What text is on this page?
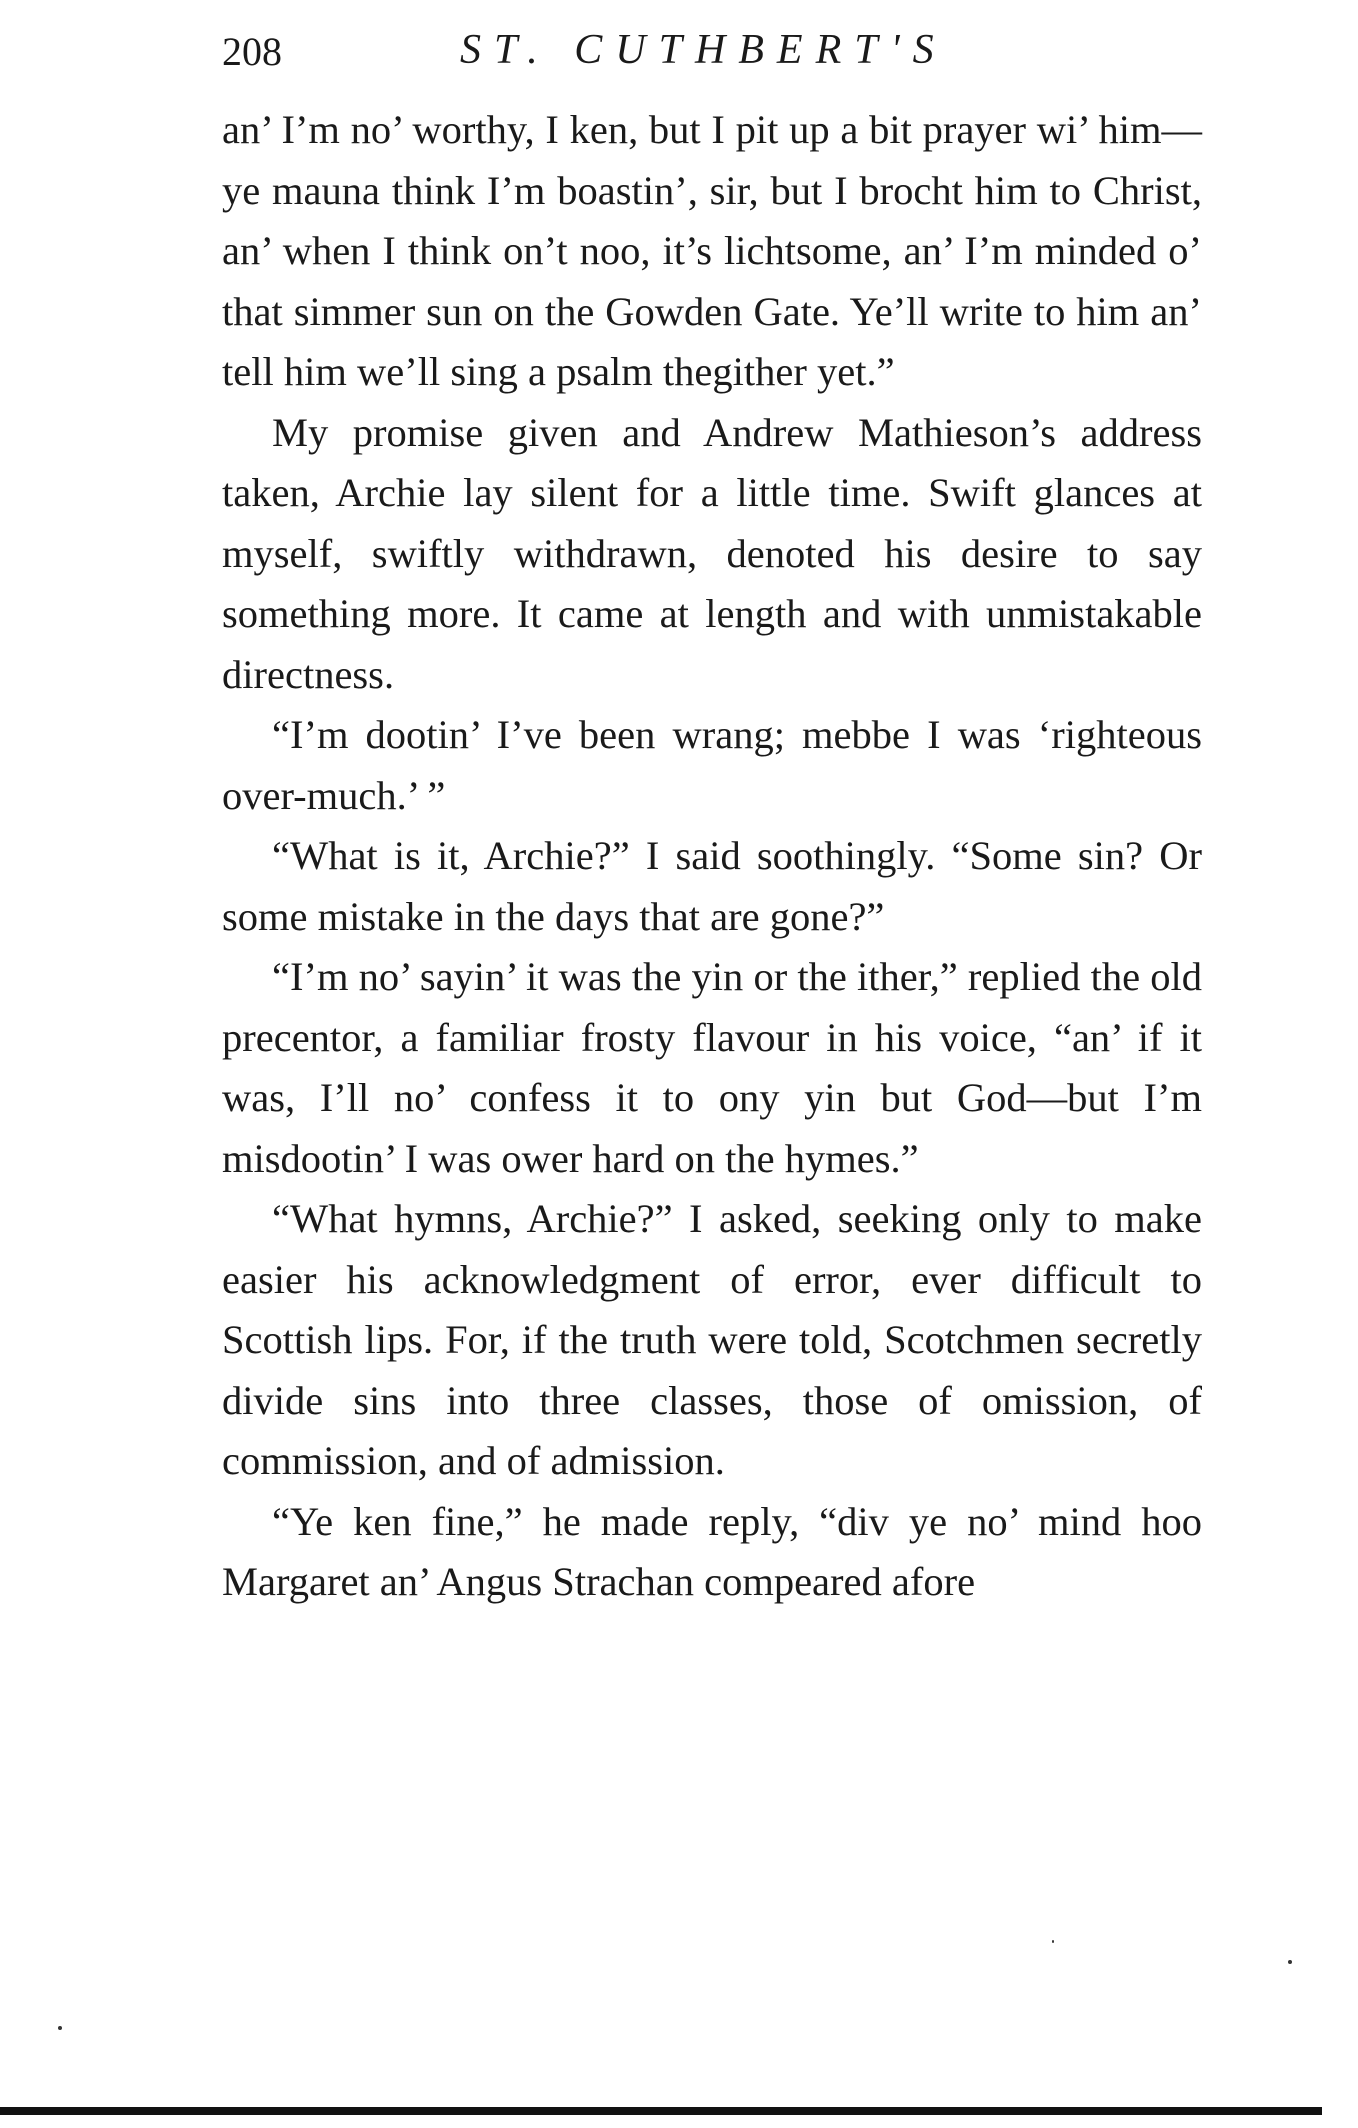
208	ST. CUTHBERT'S

an’ I’m no’ worthy, I ken, but I pit up a bit prayer wi’ him—ye mauna think I’m boastin’, sir, but I brocht him to Christ, an’ when I think on’t noo, it’s lichtsome, an’ I’m minded o’ that simmer sun on the Gowden Gate. Ye’ll write to him an’ tell him we’ll sing a psalm thegither yet.”

My promise given and Andrew Mathieson’s address taken, Archie lay silent for a little time. Swift glances at myself, swiftly withdrawn, denoted his desire to say something more. It came at length and with unmistakable directness.

“I’m dootin’ I’ve been wrang; mebbe I was ‘righteous over-much.’ ”

“What is it, Archie?” I said soothingly. “Some sin? Or some mistake in the days that are gone?”

“I’m no’ sayin’ it was the yin or the ither,” replied the old precentor, a familiar frosty flavour in his voice, “an’ if it was, I’ll no’ confess it to ony yin but God—but I’m misdootin’ I was ower hard on the hymes.”

“What hymns, Archie?” I asked, seeking only to make easier his acknowledgment of error, ever difficult to Scottish lips. For, if the truth were told, Scotchmen secretly divide sins into three classes, those of omission, of commission, and of admission.

“Ye ken fine,” he made reply, “div ye no’ mind hoo Margaret an’ Angus Strachan compeared afore
